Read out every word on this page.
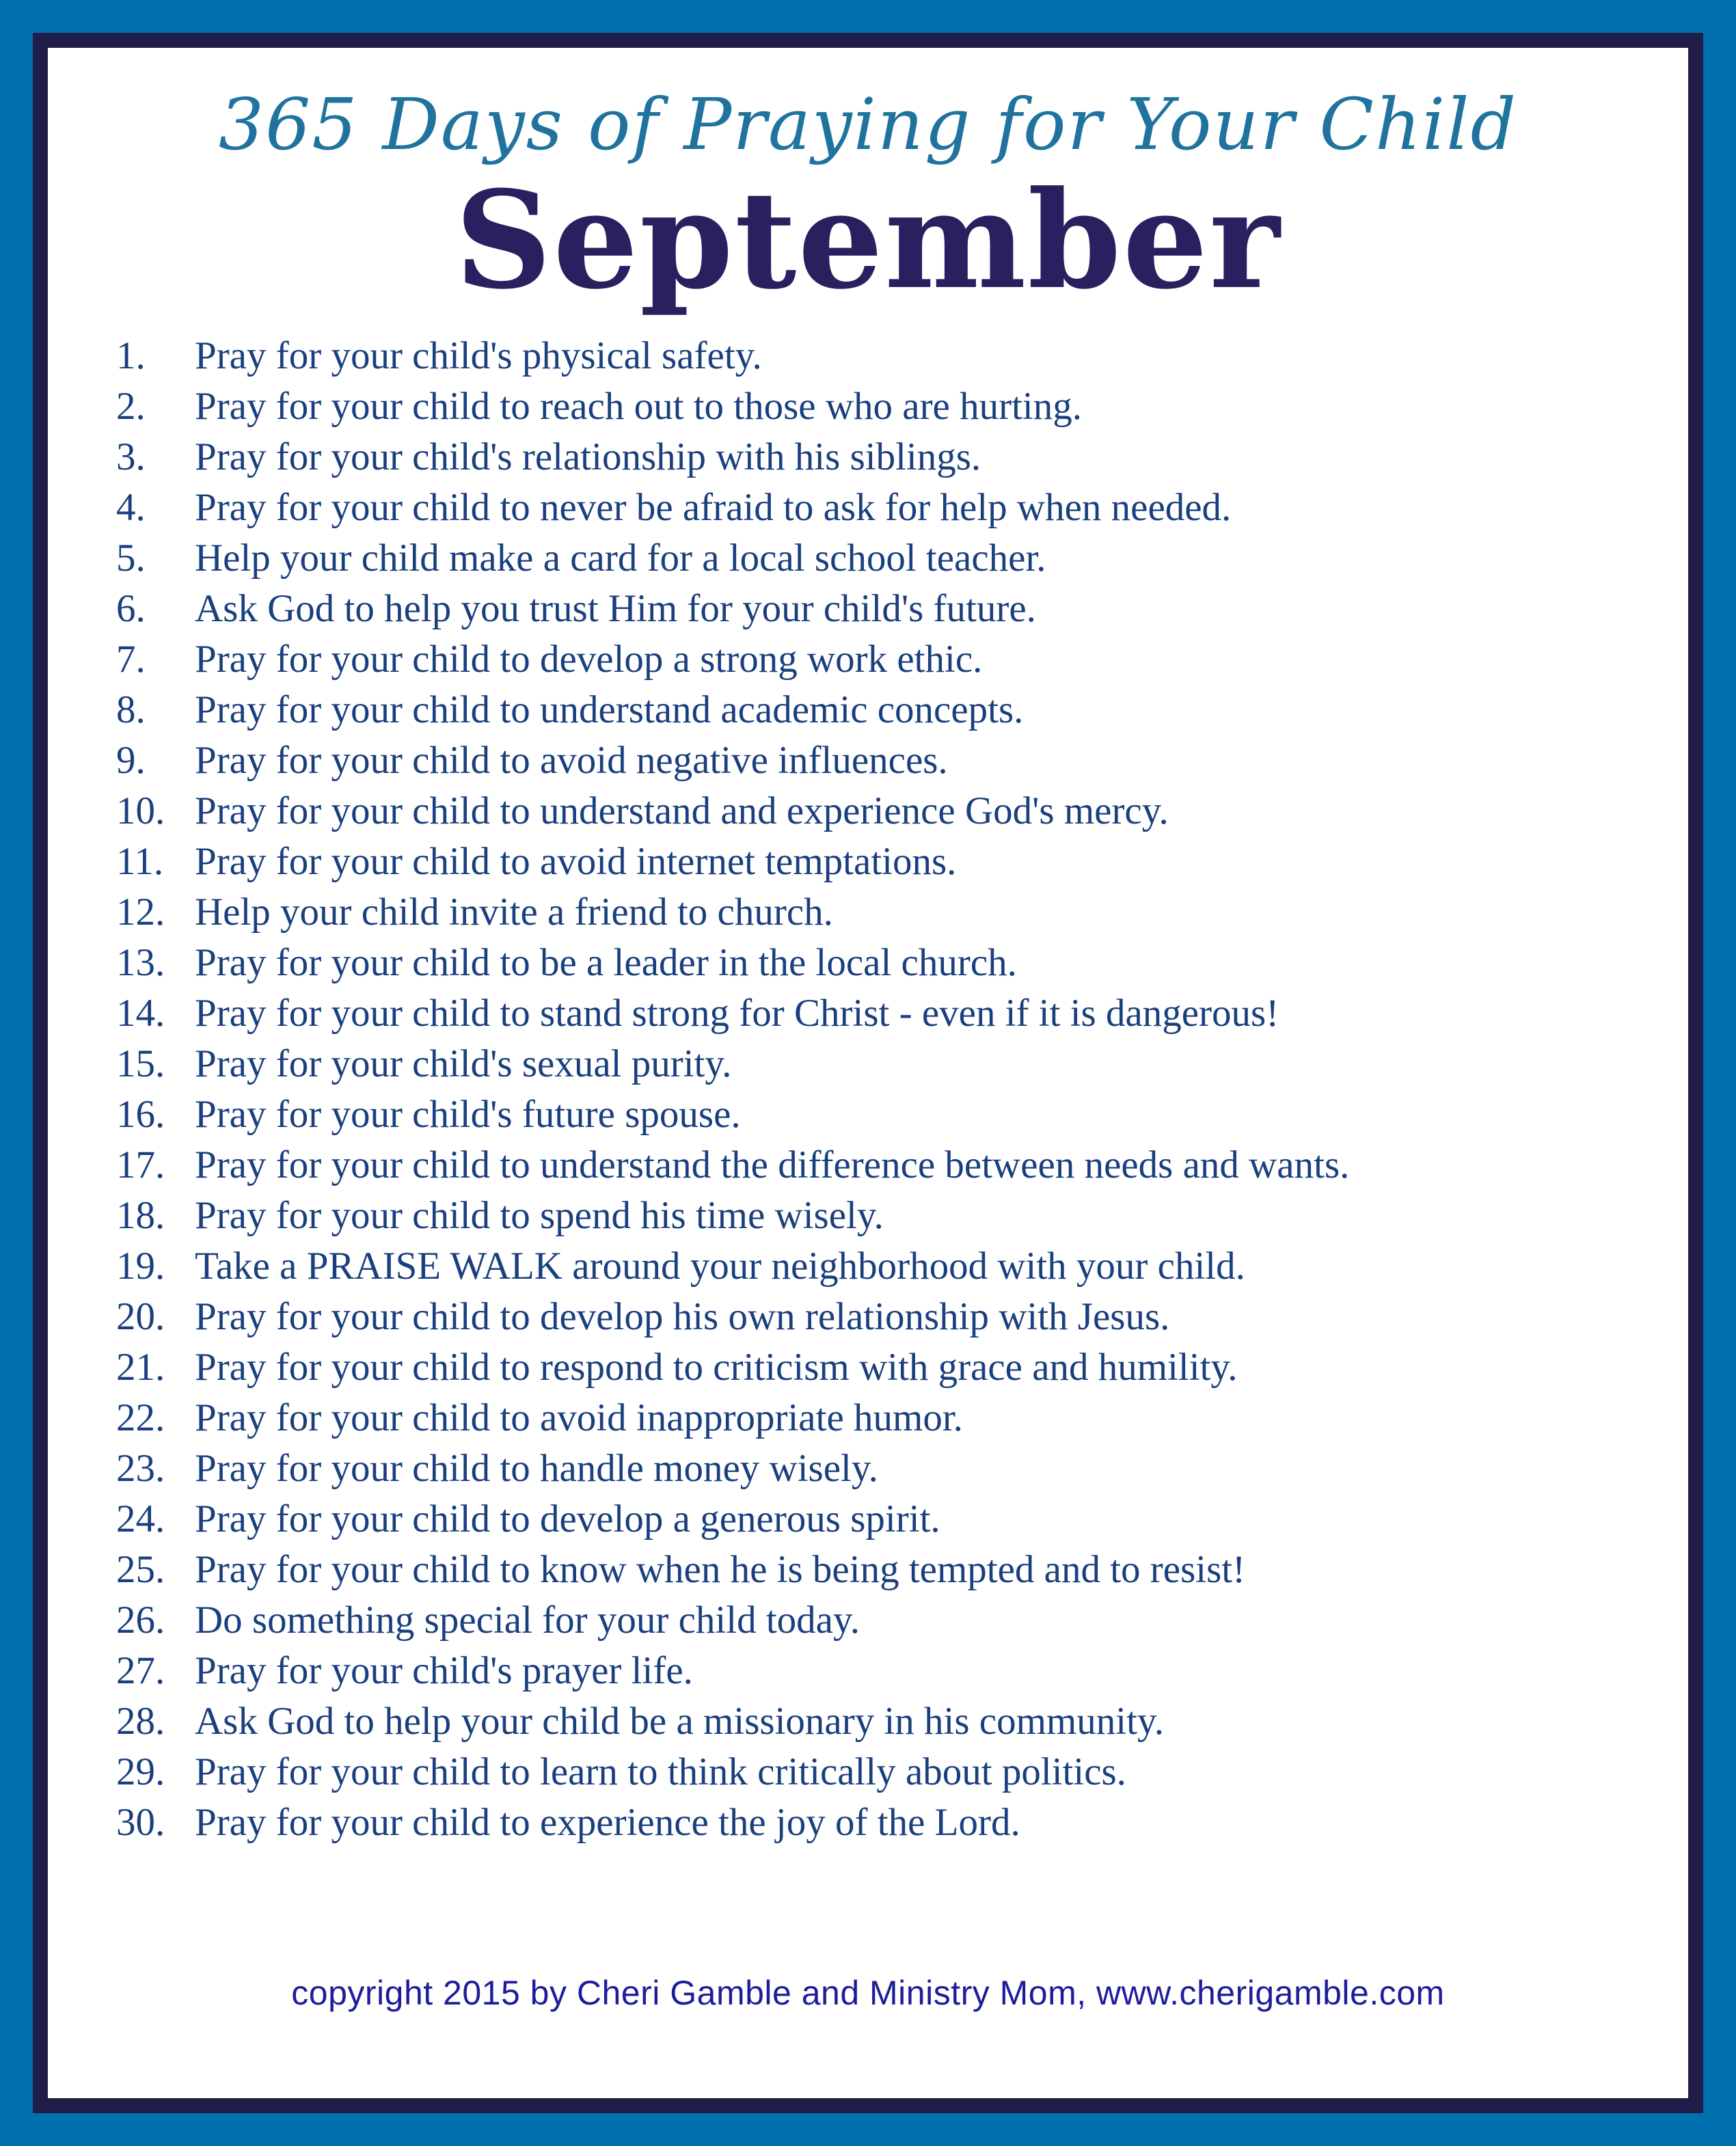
365 Days of Praying for Your Child
September
1.	Pray for your child's physical safety.
2.	Pray for your child to reach out to those who are hurting.
3.	Pray for your child's relationship with his siblings.
4.	Pray for your child to never be afraid to ask for help when needed.
5.	Help your child make a card for a local school teacher.
6.	Ask God to help you trust Him for your child's future.
7.	Pray for your child to develop a strong work ethic.
8.	Pray for your child to understand academic concepts.
9.	Pray for your child to avoid negative influences.
10. Pray for your child to understand and experience God's mercy.
11. Pray for your child to avoid internet temptations.
12. Help your child invite a friend to church.
13. Pray for your child to be a leader in the local church.
14. Pray for your child to stand strong for Christ - even if it is dangerous!
15. Pray for your child's sexual purity.
16. Pray for your child's future spouse.
17. Pray for your child to understand the difference between needs and wants.
18. Pray for your child to spend his time wisely.
19. Take a PRAISE WALK around your neighborhood with your child.
20. Pray for your child to develop his own relationship with Jesus.
21. Pray for your child to respond to criticism with grace and humility.
22. Pray for your child to avoid inappropriate humor.
23. Pray for your child to handle money wisely.
24. Pray for your child to develop a generous spirit.
25. Pray for your child to know when he is being tempted and to resist!
26. Do something special for your child today.
27. Pray for your child's prayer life.
28. Ask God to help your child be a missionary in his community.
29. Pray for your child to learn to think critically about politics.
30. Pray for your child to experience the joy of the Lord.
copyright 2015 by Cheri Gamble and Ministry Mom, www.cherigamble.com
